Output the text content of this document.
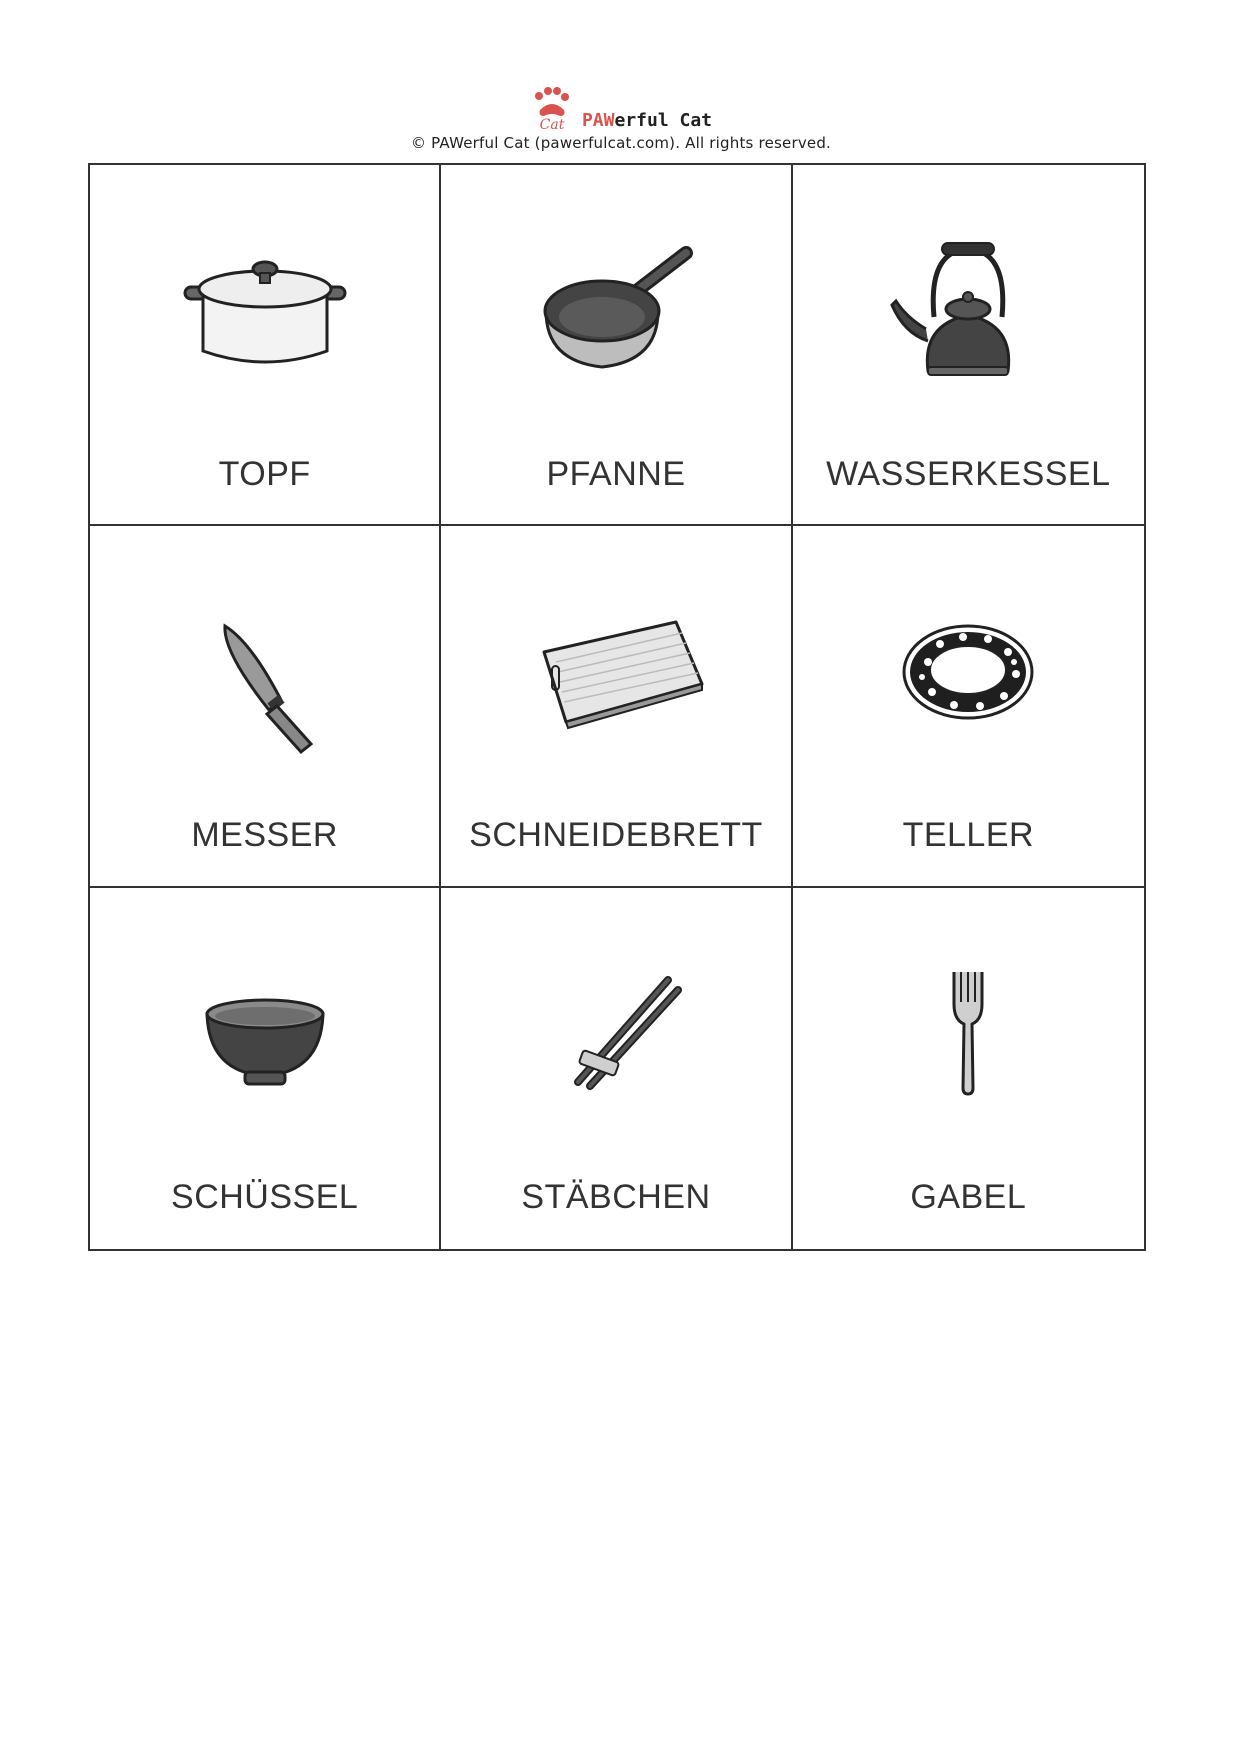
Cat PAWerful Cat
© PAWerful Cat (pawerfulcat.com). All rights reserved.
TOPF	PFANNE	WASSERKESSEL
MESSER	SCHNEIDEBRETT	TELLER
SCHÜSSEL	STÄBCHEN	GABEL
